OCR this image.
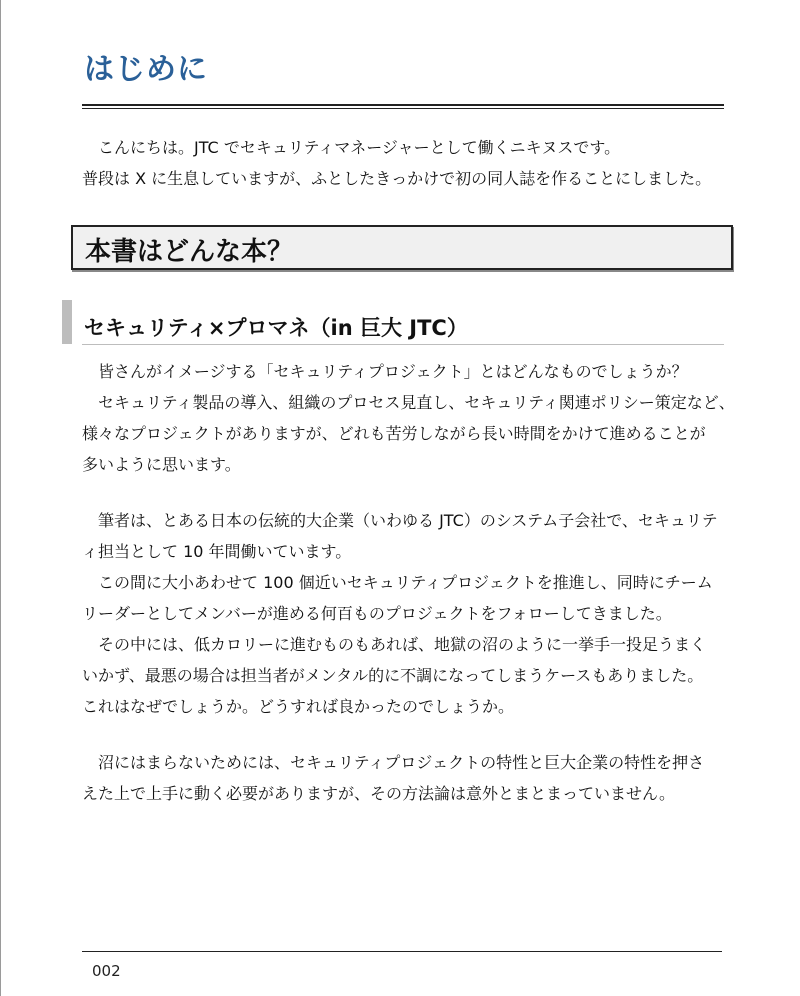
はじめに

こんにちは。JTC でセキュリティマネージャーとして働くニキヌスです。

普段は X に生息していますが、ふとしたきっかけで初の同人誌を作ることにしました。

本書はどんな本？
セキュリティ×プロマネ（in 巨大 JTC）

皆さんがイメージする「セキュリティプロジェクト」とはどんなものでしょうか？

セキュリティ製品の導入、組織のプロセス見直し、セキュリティ関連ポリシー策定など、

様々なプロジェクトがありますが、どれも苦労しながら長い時間をかけて進めることが

多いように思います。

筆者は、とある日本の伝統的大企業（いわゆる JTC）のシステム子会社で、セキュリテ

ィ担当として 10 年間働いています。

この間に大小あわせて 100 個近いセキュリティプロジェクトを推進し、同時にチーム

リーダーとしてメンバーが進める何百ものプロジェクトをフォローしてきました。

その中には、低カロリーに進むものもあれば、地獄の沼のように一挙手一投足うまく

いかず、最悪の場合は担当者がメンタル的に不調になってしまうケースもありました。

これはなぜでしょうか。どうすれば良かったのでしょうか。

沼にはまらないためには、セキュリティプロジェクトの特性と巨大企業の特性を押さ

えた上で上手に動く必要がありますが、その方法論は意外とまとまっていません。

002
